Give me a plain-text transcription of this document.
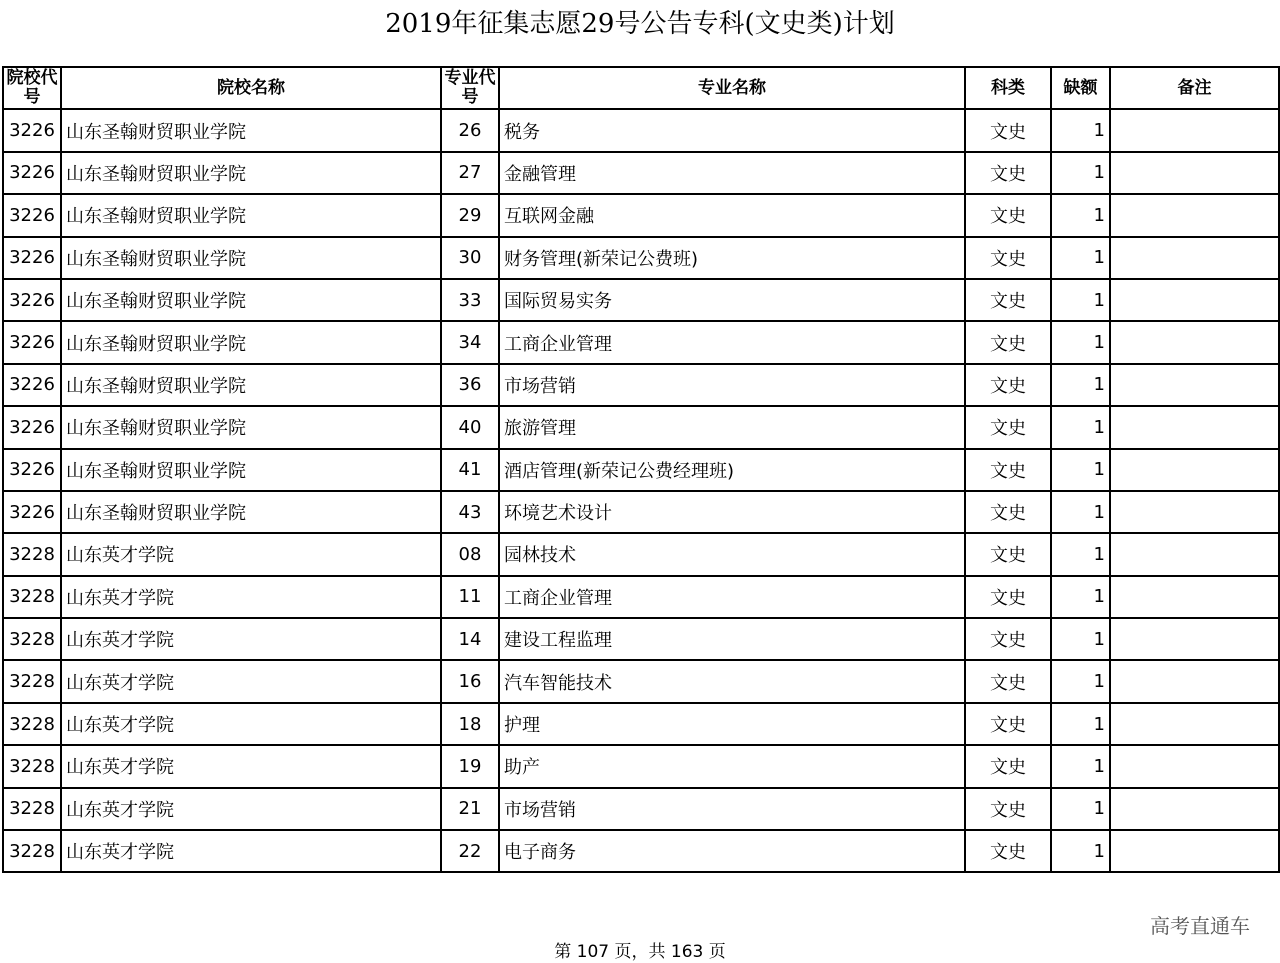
2019年征集志愿29号公告专科(文史类)计划
院校代号	院校名称	专业代号	专业名称	科类	缺额	备注
3226	山东圣翰财贸职业学院	26	税务	文史	1	
3226	山东圣翰财贸职业学院	27	金融管理	文史	1	
3226	山东圣翰财贸职业学院	29	互联网金融	文史	1	
3226	山东圣翰财贸职业学院	30	财务管理(新荣记公费班)	文史	1	
3226	山东圣翰财贸职业学院	33	国际贸易实务	文史	1	
3226	山东圣翰财贸职业学院	34	工商企业管理	文史	1	
3226	山东圣翰财贸职业学院	36	市场营销	文史	1	
3226	山东圣翰财贸职业学院	40	旅游管理	文史	1	
3226	山东圣翰财贸职业学院	41	酒店管理(新荣记公费经理班)	文史	1	
3226	山东圣翰财贸职业学院	43	环境艺术设计	文史	1	
3228	山东英才学院	08	园林技术	文史	1	
3228	山东英才学院	11	工商企业管理	文史	1	
3228	山东英才学院	14	建设工程监理	文史	1	
3228	山东英才学院	16	汽车智能技术	文史	1	
3228	山东英才学院	18	护理	文史	1	
3228	山东英才学院	19	助产	文史	1	
3228	山东英才学院	21	市场营销	文史	1	
3228	山东英才学院	22	电子商务	文史	1	
高考直通车
第 107 页，共 163 页
